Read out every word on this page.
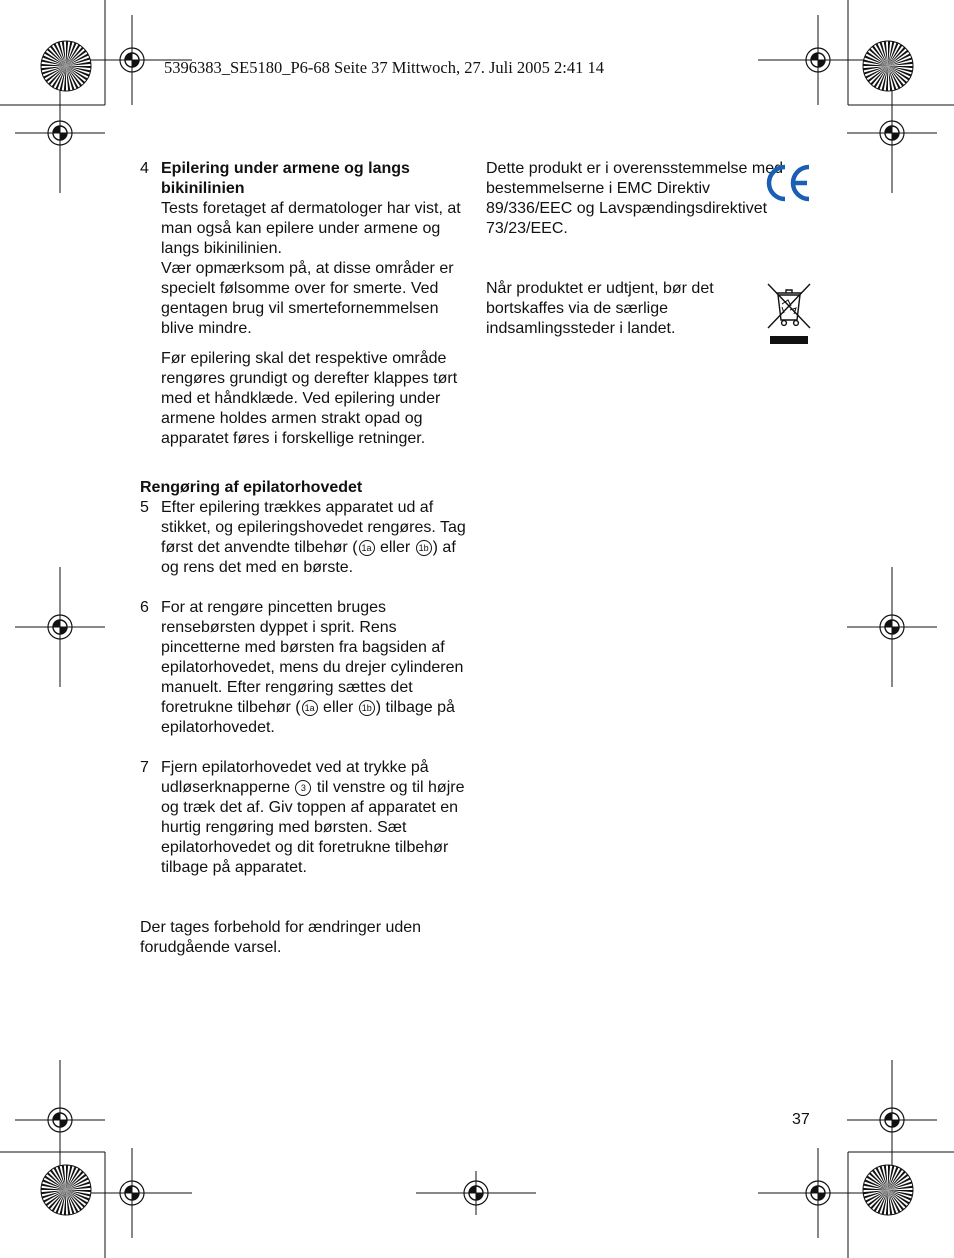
5396383_SE5180_P6-68 Seite 37 Mittwoch, 27. Juli 2005 2:41 14
4 Epilering under armene og langs bikinilinien
Tests foretaget af dermatologer har vist, at man også kan epilere under armene og langs bikinilinien.
Vær opmærksom på, at disse områder er specielt følsomme over for smerte. Ved gentagen brug vil smertefornemmelsen blive mindre.
Før epilering skal det respektive område rengøres grundigt og derefter klappes tørt med et håndklæde. Ved epilering under armene holdes armen strakt opad og apparatet føres i forskellige retninger.
Rengøring af epilatorhovedet
5 Efter epilering trækkes apparatet ud af stikket, og epileringshovedet rengøres. Tag først det anvendte tilbehør ( 1a eller 1b ) af og rens det med en børste.
6 For at rengøre pincetten bruges rensebørsten dyppet i sprit. Rens pincetterne med børsten fra bagsiden af epilatorhovedet, mens du drejer cylinderen manuelt. Efter rengøring sættes det foretrukne tilbehør ( 1a eller 1b ) tilbage på epilatorhovedet.
7 Fjern epilatorhovedet ved at trykke på udløserknapperne 3 til venstre og til højre og træk det af. Giv toppen af apparatet en hurtig rengøring med børsten. Sæt epilatorhovedet og dit foretrukne tilbehør tilbage på apparatet.
Der tages forbehold for ændringer uden forudgående varsel.
Dette produkt er i overensstemmelse med bestemmelserne i EMC Direktiv 89/336/EEC og Lavspændingsdirektivet 73/23/EEC.
Når produktet er udtjent, bør det bortskaffes via de særlige indsamlingssteder i landet.
37
